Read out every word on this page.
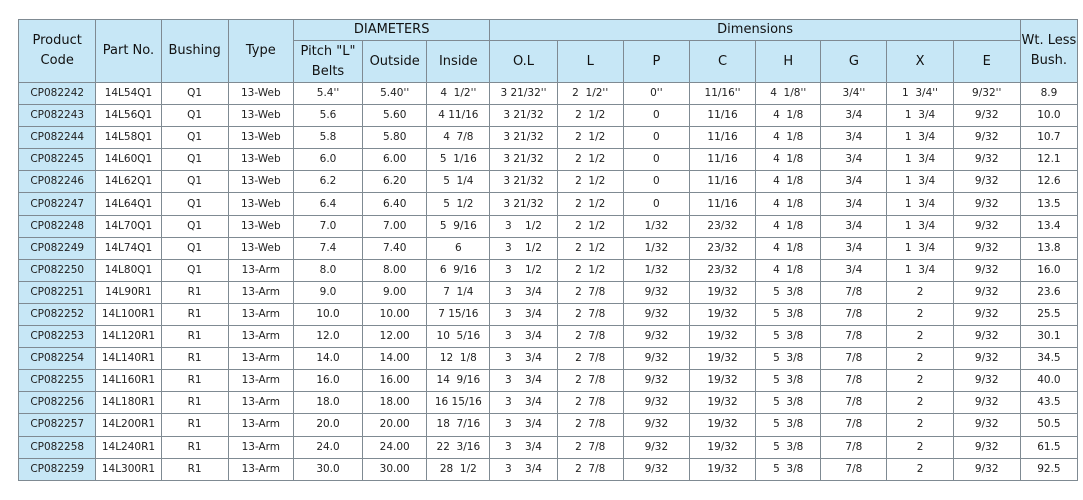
Product Code	Part No.	Bushing	Type	DIAMETERS			Dimensions								Wt. Less Bush.
				Pitch "L" Belts	Outside	Inside	O.L	L	P	C	H	G	X	E	
CP082242	14L54Q1	Q1	13-Web	5.4''	5.40''	4  1/2''	3 21/32''	2  1/2''	0''	11/16''	4  1/8''	3/4''	1  3/4''	9/32''	8.9
CP082243	14L56Q1	Q1	13-Web	5.6	5.60	4 11/16	3 21/32	2  1/2	0	11/16	4  1/8	3/4	1  3/4	9/32	10.0
CP082244	14L58Q1	Q1	13-Web	5.8	5.80	4  7/8	3 21/32	2  1/2	0	11/16	4  1/8	3/4	1  3/4	9/32	10.7
CP082245	14L60Q1	Q1	13-Web	6.0	6.00	5  1/16	3 21/32	2  1/2	0	11/16	4  1/8	3/4	1  3/4	9/32	12.1
CP082246	14L62Q1	Q1	13-Web	6.2	6.20	5  1/4	3 21/32	2  1/2	0	11/16	4  1/8	3/4	1  3/4	9/32	12.6
CP082247	14L64Q1	Q1	13-Web	6.4	6.40	5  1/2	3 21/32	2  1/2	0	11/16	4  1/8	3/4	1  3/4	9/32	13.5
CP082248	14L70Q1	Q1	13-Web	7.0	7.00	5  9/16	3    1/2	2  1/2	1/32	23/32	4  1/8	3/4	1  3/4	9/32	13.4
CP082249	14L74Q1	Q1	13-Web	7.4	7.40	6	3    1/2	2  1/2	1/32	23/32	4  1/8	3/4	1  3/4	9/32	13.8
CP082250	14L80Q1	Q1	13-Arm	8.0	8.00	6  9/16	3    1/2	2  1/2	1/32	23/32	4  1/8	3/4	1  3/4	9/32	16.0
CP082251	14L90R1	R1	13-Arm	9.0	9.00	7  1/4	3    3/4	2  7/8	9/32	19/32	5  3/8	7/8	2	9/32	23.6
CP082252	14L100R1	R1	13-Arm	10.0	10.00	7 15/16	3    3/4	2  7/8	9/32	19/32	5  3/8	7/8	2	9/32	25.5
CP082253	14L120R1	R1	13-Arm	12.0	12.00	10  5/16	3    3/4	2  7/8	9/32	19/32	5  3/8	7/8	2	9/32	30.1
CP082254	14L140R1	R1	13-Arm	14.0	14.00	12  1/8	3    3/4	2  7/8	9/32	19/32	5  3/8	7/8	2	9/32	34.5
CP082255	14L160R1	R1	13-Arm	16.0	16.00	14  9/16	3    3/4	2  7/8	9/32	19/32	5  3/8	7/8	2	9/32	40.0
CP082256	14L180R1	R1	13-Arm	18.0	18.00	16 15/16	3    3/4	2  7/8	9/32	19/32	5  3/8	7/8	2	9/32	43.5
CP082257	14L200R1	R1	13-Arm	20.0	20.00	18  7/16	3    3/4	2  7/8	9/32	19/32	5  3/8	7/8	2	9/32	50.5
CP082258	14L240R1	R1	13-Arm	24.0	24.00	22  3/16	3    3/4	2  7/8	9/32	19/32	5  3/8	7/8	2	9/32	61.5
CP082259	14L300R1	R1	13-Arm	30.0	30.00	28  1/2	3    3/4	2  7/8	9/32	19/32	5  3/8	7/8	2	9/32	92.5
